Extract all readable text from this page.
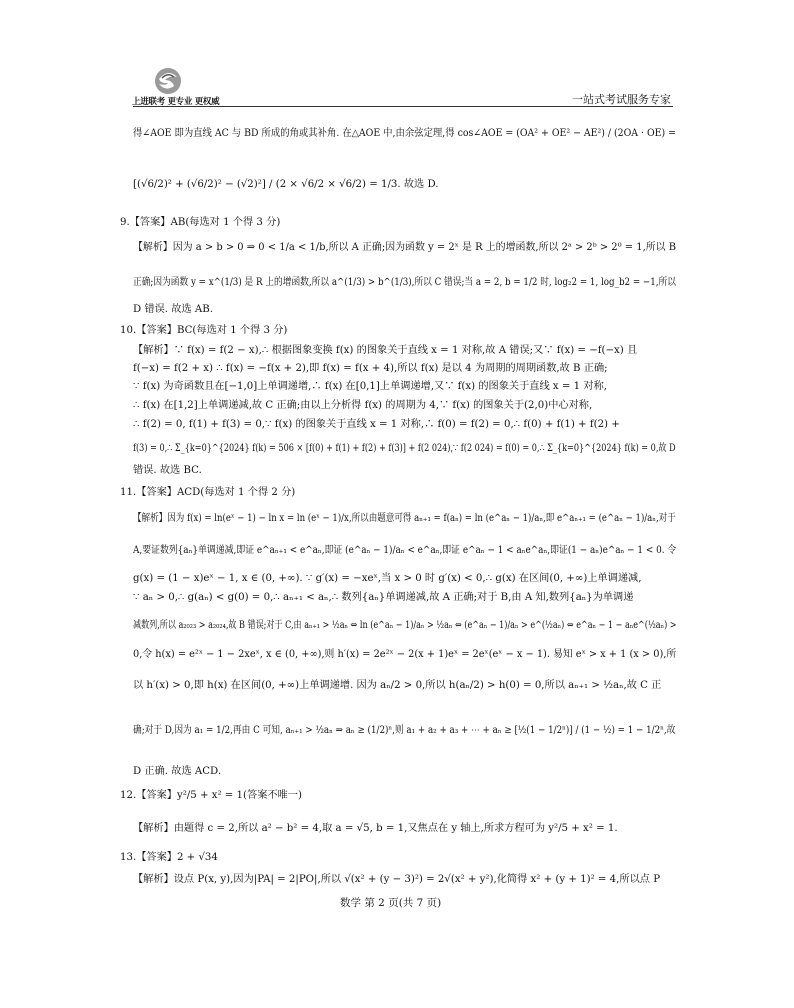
上进联考 更专业 更权威	一站式考试服务专家
得∠AOE 即为直线 AC 与 BD 所成的角或其补角. 在△AOE 中,由余弦定理,得 cos∠AOE = (OA² + OE² − AE²) / (2OA · OE) =
[(√6/2)² + (√6/2)² − (√2)²] / (2 × √6/2 × √6/2) = 1/3. 故选 D.
9.【答案】AB(每选对 1 个得 3 分)
【解析】因为 a > b > 0 ⇒ 0 < 1/a < 1/b,所以 A 正确;因为函数 y = 2ˣ 是 R 上的增函数,所以 2ᵃ > 2ᵇ > 2⁰ = 1,所以 B
正确;因为函数 y = x^(1/3) 是 R 上的增函数,所以 a^(1/3) > b^(1/3),所以 C 错误;当 a = 2, b = 1/2 时, log₂2 = 1, log_b2 = −1,所以
D 错误. 故选 AB.
10.【答案】BC(每选对 1 个得 3 分)
【解析】∵ f(x) = f(2 − x),∴ 根据图象变换 f(x) 的图象关于直线 x = 1 对称,故 A 错误;又∵ f(x) = −f(−x) 且
f(−x) = f(2 + x) ∴ f(x) = −f(x + 2),即 f(x) = f(x + 4),所以 f(x) 是以 4 为周期的周期函数,故 B 正确;
∵ f(x) 为奇函数且在[−1,0]上单调递增,∴ f(x) 在[0,1]上单调递增,又∵ f(x) 的图象关于直线 x = 1 对称,
∴ f(x) 在[1,2]上单调递减,故 C 正确;由以上分析得 f(x) 的周期为 4,∵ f(x) 的图象关于(2,0)中心对称,
∴ f(2) = 0, f(1) + f(3) = 0,∵ f(x) 的图象关于直线 x = 1 对称,∴ f(0) = f(2) = 0,∴ f(0) + f(1) + f(2) +
f(3) = 0,∴ Σ_{k=0}^{2024} f(k) = 506 × [f(0) + f(1) + f(2) + f(3)] + f(2 024),∵ f(2 024) = f(0) = 0,∴ Σ_{k=0}^{2024} f(k) = 0,故 D
错误. 故选 BC.
11.【答案】ACD(每选对 1 个得 2 分)
【解析】因为 f(x) = ln(eˣ − 1) − ln x = ln (eˣ − 1)/x,所以由题意可得 aₙ₊₁ = f(aₙ) = ln (e^aₙ − 1)/aₙ,即 e^aₙ₊₁ = (e^aₙ − 1)/aₙ,对于
A,要证数列{aₙ}单调递减,即证 e^aₙ₊₁ < e^aₙ,即证 (e^aₙ − 1)/aₙ < e^aₙ,即证 e^aₙ − 1 < aₙe^aₙ,即证(1 − aₙ)e^aₙ − 1 < 0. 令
g(x) = (1 − x)eˣ − 1, x ∈ (0, +∞). ∵ g′(x) = −xeˣ,当 x > 0 时 g′(x) < 0,∴ g(x) 在区间(0, +∞)上单调递减,
∵ aₙ > 0,∴ g(aₙ) < g(0) = 0,∴ aₙ₊₁ < aₙ,∴ 数列{aₙ}单调递减,故 A 正确;对于 B,由 A 知,数列{aₙ}为单调递
减数列,所以 a₂₀₂₃ > a₂₀₂₄,故 B 错误;对于 C,由 aₙ₊₁ > ½aₙ ⇔ ln (e^aₙ − 1)/aₙ > ½aₙ ⇔ (e^aₙ − 1)/aₙ > e^(½aₙ) ⇔ e^aₙ − 1 − aₙe^(½aₙ) >
0,令 h(x) = e²ˣ − 1 − 2xeˣ, x ∈ (0, +∞),则 h′(x) = 2e²ˣ − 2(x + 1)eˣ = 2eˣ(eˣ − x − 1). 易知 eˣ > x + 1 (x > 0),所
以 h′(x) > 0,即 h(x) 在区间(0, +∞)上单调递增. 因为 aₙ/2 > 0,所以 h(aₙ/2) > h(0) = 0,所以 aₙ₊₁ > ½aₙ,故 C 正
确;对于 D,因为 a₁ = 1/2,再由 C 可知, aₙ₊₁ > ½aₙ ⇒ aₙ ≥ (1/2)ⁿ,则 a₁ + a₂ + a₃ + ⋯ + aₙ ≥ [½(1 − 1/2ⁿ)] / (1 − ½) = 1 − 1/2ⁿ,故
D 正确. 故选 ACD.
12.【答案】y²/5 + x² = 1(答案不唯一)
【解析】由题得 c = 2,所以 a² − b² = 4,取 a = √5, b = 1,又焦点在 y 轴上,所求方程可为 y²/5 + x² = 1.
13.【答案】2 + √34
【解析】设点 P(x, y),因为|PA| = 2|PO|,所以 √(x² + (y − 3)²) = 2√(x² + y²),化简得 x² + (y + 1)² = 4,所以点 P
数学 第 2 页(共 7 页)
